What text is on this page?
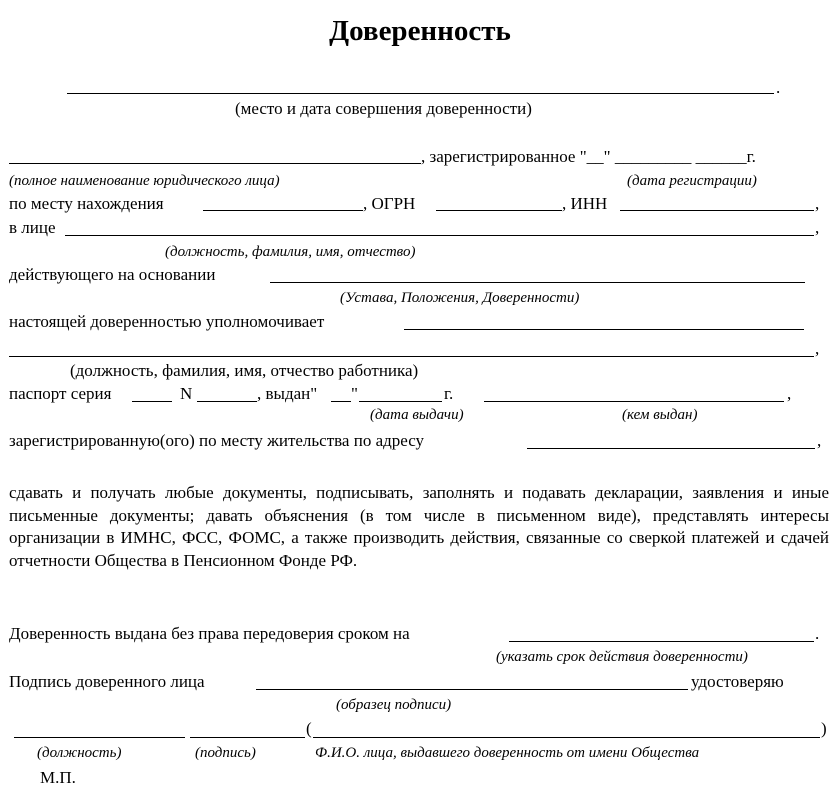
Доверенность
.
(место и дата совершения доверенности)
, зарегистрированное "__" _________ ______г.
(полное наименование юридического лица)	(дата регистрации)
по месту нахождения	, ОГРН	, ИНН	,
в лице	,
(должность, фамилия, имя, отчество)
действующего на основании
(Устава, Положения, Доверенности)
настоящей доверенностью уполномочивает
,
(должность, фамилия, имя, отчество работника)
паспорт серия	N	, выдан" "	г.	,
(дата выдачи)	(кем выдан)
зарегистрированную(ого) по месту жительства по адресу	,
сдавать и получать любые документы, подписывать, заполнять и подавать декларации, заявления и иные письменные документы; давать объяснения (в том числе в письменном виде), представлять интересы организации в ИМНС, ФСС, ФОМС, а также производить действия, связанные со сверкой платежей и сдачей отчетности Общества в Пенсионном Фонде РФ.
Доверенность выдана без права передоверия сроком на	.
(указать срок действия доверенности)
Подпись доверенного лица	удостоверяю
(образец подписи)
(	)
(должность)	(подпись)	Ф.И.О. лица, выдавшего доверенность от имени Общества
М.П.
